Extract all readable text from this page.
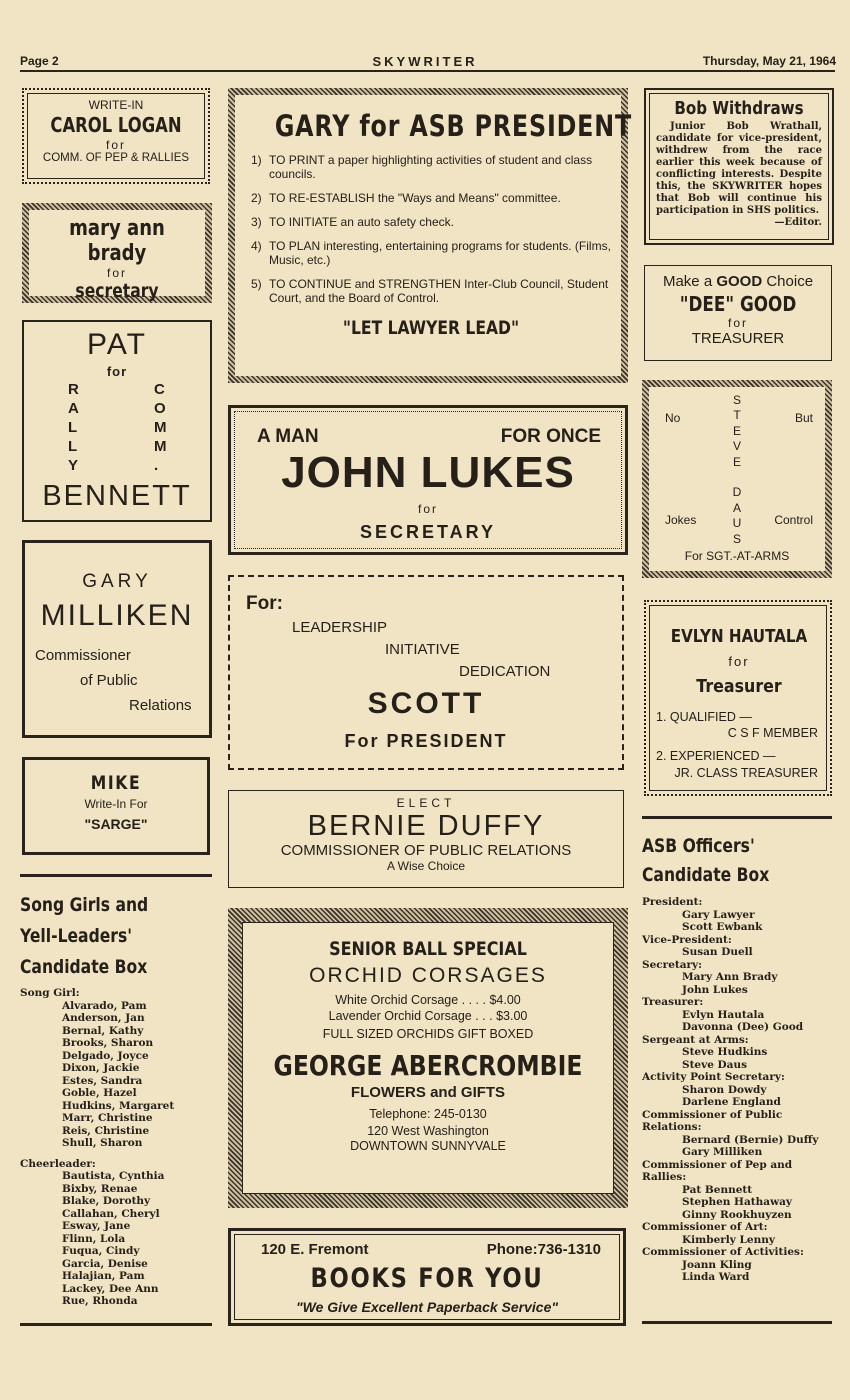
Page 2	SKYWRITER	Thursday, May 21, 1964
WRITE-IN
CAROL LOGAN
for
COMM. OF PEP & RALLIES
mary ann brady
for
secretary
PAT
for
R
A
L
L
Y
C
O
M
M
.
BENNETT
GARY
MILLIKEN
Commissioner
of Public
Relations
MIKE
Write-In For
"SARGE"
Song Girls and
Yell-Leaders'
Candidate Box
Song Girl:
Alvarado, Pam
Anderson, Jan
Bernal, Kathy
Brooks, Sharon
Delgado, Joyce
Dixon, Jackie
Estes, Sandra
Goble, Hazel
Hudkins, Margaret
Marr, Christine
Reis, Christine
Shull, Sharon
Cheerleader:
Bautista, Cynthia
Bixby, Renae
Blake, Dorothy
Callahan, Cheryl
Esway, Jane
Flinn, Lola
Fuqua, Cindy
Garcia, Denise
Halajian, Pam
Lackey, Dee Ann
Rue, Rhonda
GARY for ASB PRESIDENT
1) TO PRINT a paper highlighting activities of student and class councils.
2) TO RE-ESTABLISH the "Ways and Means" committee.
3) TO INITIATE an auto safety check.
4) TO PLAN interesting, entertaining programs for students. (Films, Music, etc.)
5) TO CONTINUE and STRENGTHEN Inter-Club Council, Student Court, and the Board of Control.
"LET LAWYER LEAD"
A MAN	FOR ONCE
JOHN LUKES
for
SECRETARY
For:
LEADERSHIP
INITIATIVE
DEDICATION
SCOTT
For PRESIDENT
ELECT
BERNIE DUFFY
COMMISSIONER OF PUBLIC RELATIONS
A Wise Choice
SENIOR BALL SPECIAL
ORCHID CORSAGES
White Orchid Corsage . . . . $4.00
Lavender Orchid Corsage . . . $3.00
FULL SIZED ORCHIDS GIFT BOXED
GEORGE ABERCROMBIE
FLOWERS and GIFTS
Telephone: 245-0130
120 West Washington
DOWNTOWN SUNNYVALE
120 E. Fremont	Phone:736-1310
BOOKS FOR YOU
"We Give Excellent Paperback Service"
Bob Withdraws
Junior Bob Wrathall, candidate for vice-president, withdrew from the race earlier this week because of conflicting interests. Despite this, the SKYWRITER hopes that Bob will continue his participation in SHS politics.
—Editor.
Make a GOOD Choice
"DEE" GOOD
for
TREASURER
S
T
E
V
E
D
A
U
S
No	But
Jokes	Control
For SGT.-AT-ARMS
EVLYN HAUTALA
for
Treasurer
1. QUALIFIED —
C S F MEMBER
2. EXPERIENCED —
JR. CLASS TREASURER
ASB Officers'
Candidate Box
President:
Gary Lawyer
Scott Ewbank
Vice-President:
Susan Duell
Secretary:
Mary Ann Brady
John Lukes
Treasurer:
Evlyn Hautala
Davonna (Dee) Good
Sergeant at Arms:
Steve Hudkins
Steve Daus
Activity Point Secretary:
Sharon Dowdy
Darlene England
Commissioner of Public Relations:
Bernard (Bernie) Duffy
Gary Milliken
Commissioner of Pep and Rallies:
Pat Bennett
Stephen Hathaway
Ginny Rookhuyzen
Commissioner of Art:
Kimberly Lenny
Commissioner of Activities:
Joann Kling
Linda Ward
